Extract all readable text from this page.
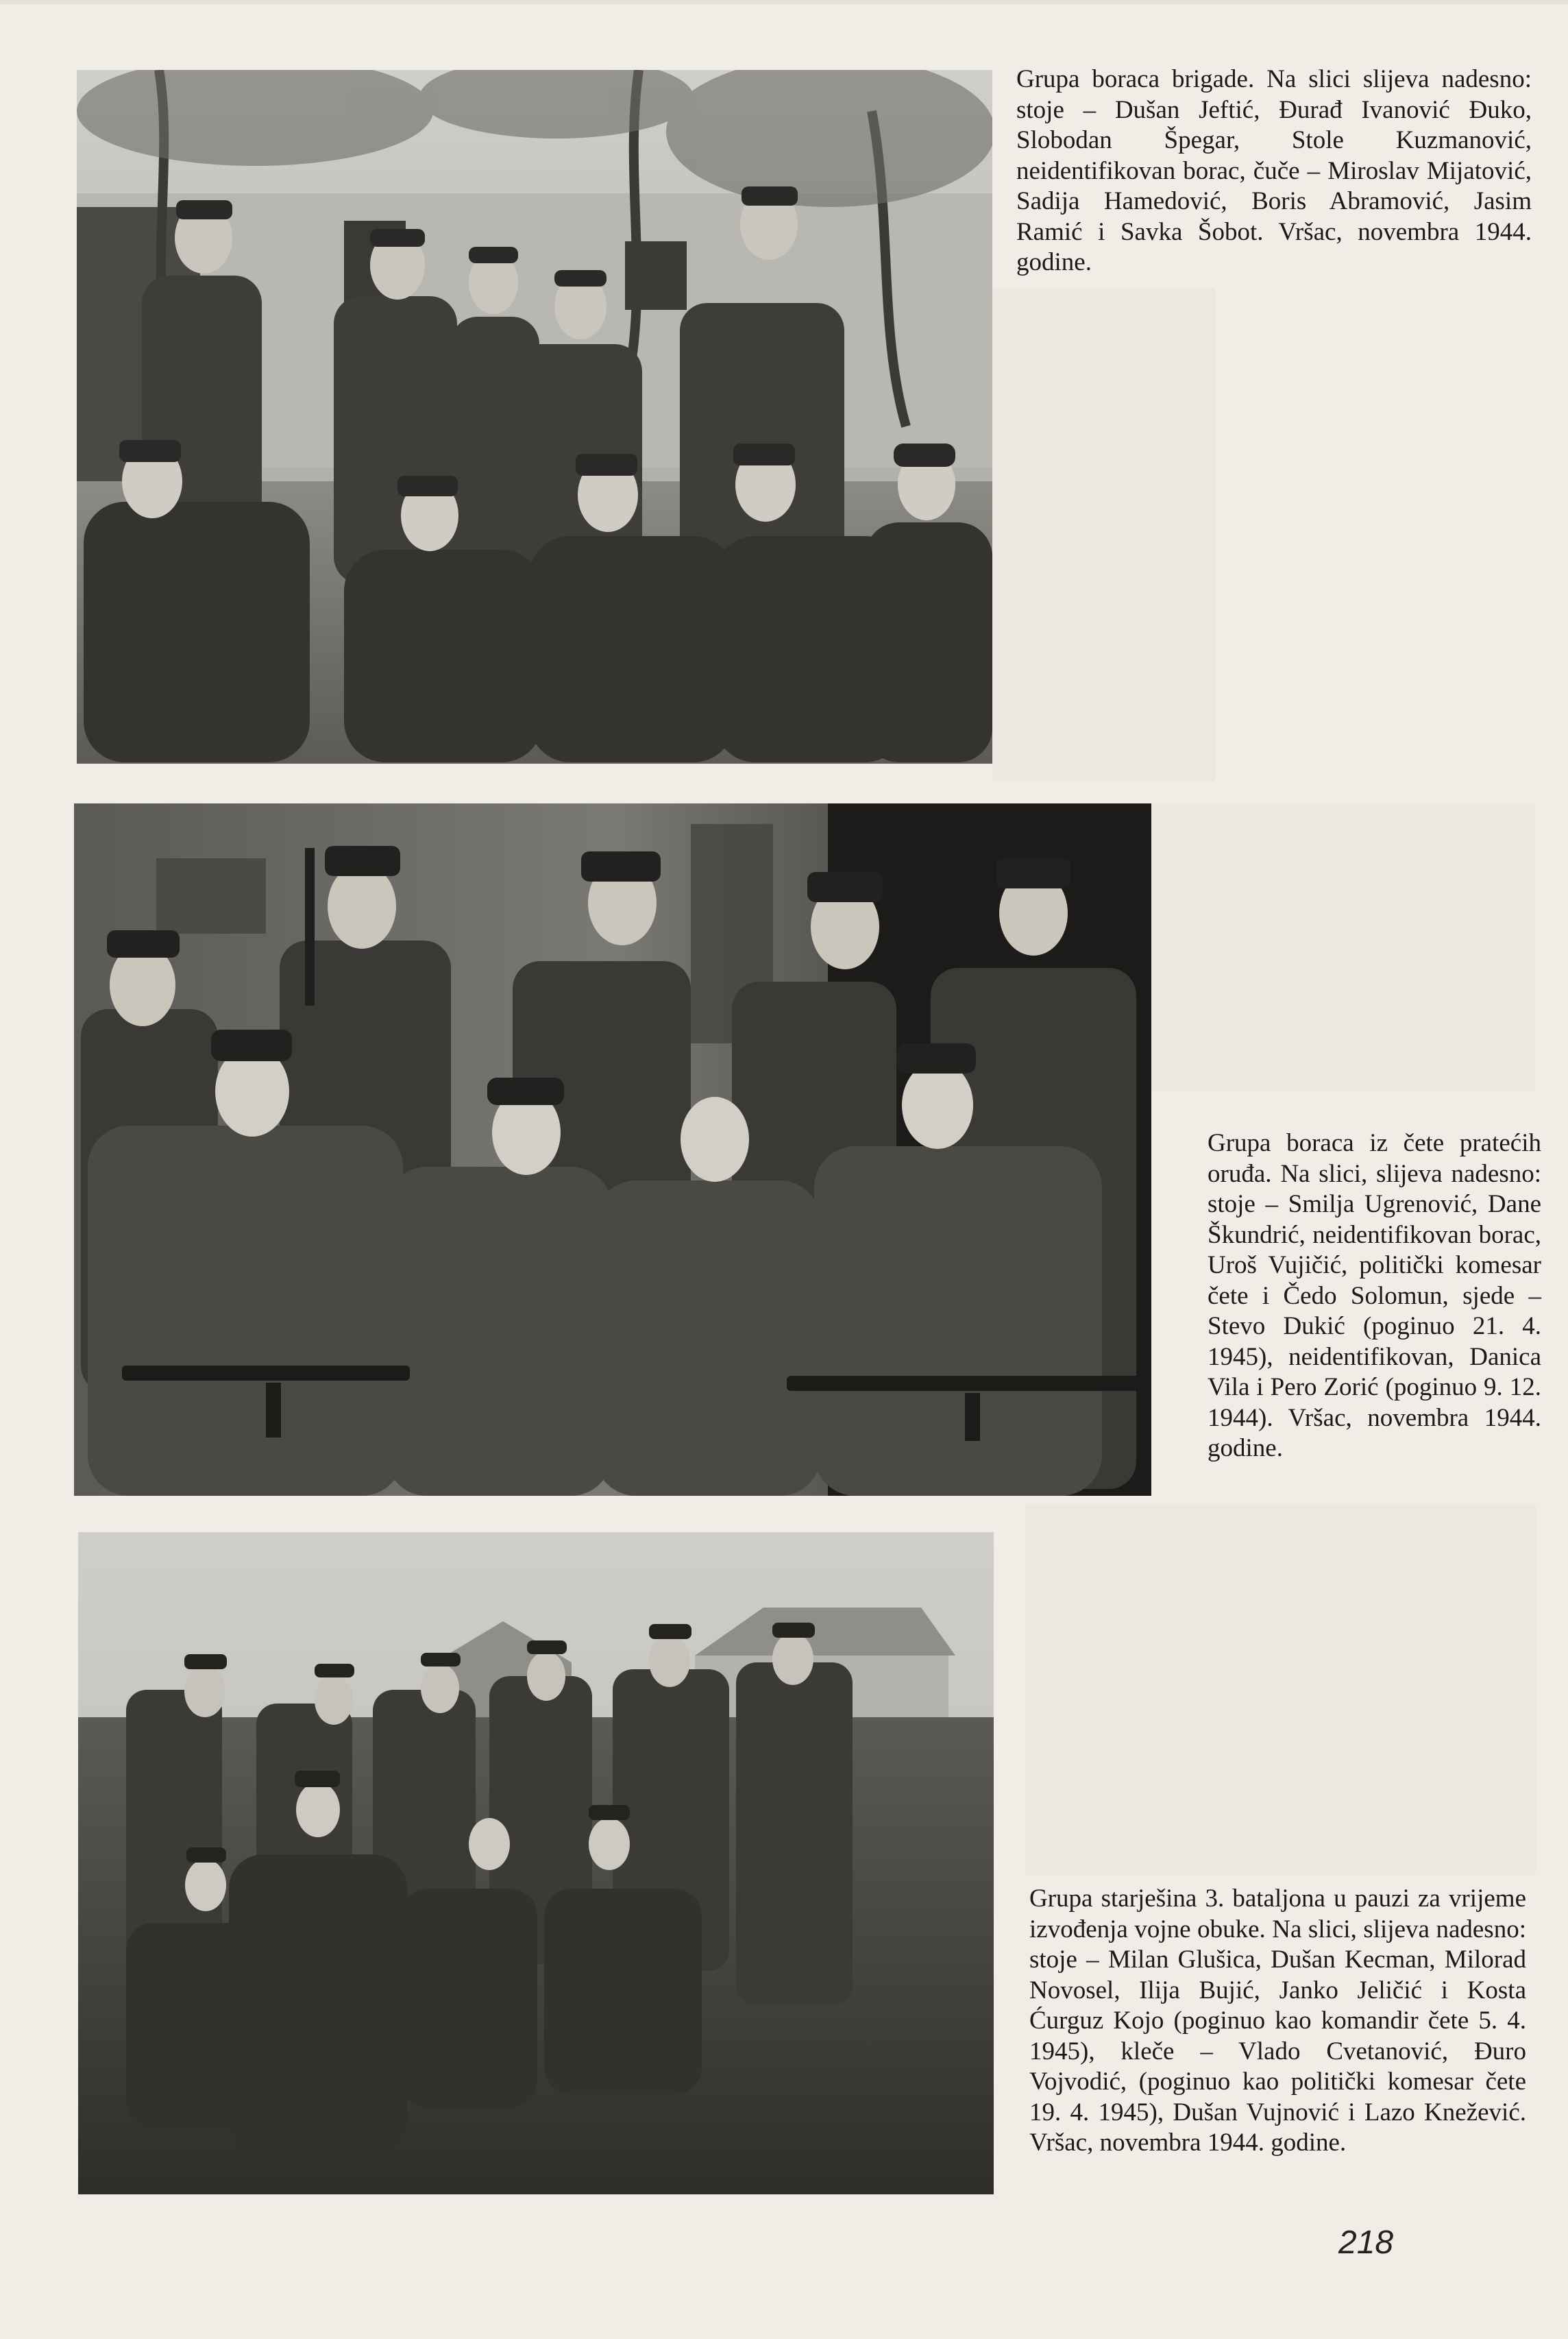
Grupa boraca brigade. Na slici slijeva nadesno: stoje – Dušan Jeftić, Đurađ Ivanović Đuko, Slobodan Špegar, Stole Kuzmanović, neidentifikovan borac, čuče – Miroslav Mijatović, Sadija Hamedović, Boris Abramović, Jasim Ramić i Savka Šobot. Vršac, novembra 1944. godine.

Grupa boraca iz čete pratećih oruđa. Na slici, slijeva nadesno: stoje – Smilja Ugrenović, Dane Škundrić, neidentifikovan borac, Uroš Vujičić, politički komesar čete i Čedo Solomun, sjede – Stevo Dukić (poginuo 21. 4. 1945), neidentifikovan, Danica Vila i Pero Zorić (poginuo 9. 12. 1944). Vršac, novembra 1944. godine.

Grupa starješina 3. bataljona u pauzi za vrijeme izvođenja vojne obuke. Na slici, slijeva nadesno: stoje – Milan Glušica, Dušan Kecman, Milorad Novosel, Ilija Bujić, Janko Jeličić i Kosta Ćurguz Kojo (poginuo kao komandir čete 5. 4. 1945), kleče – Vlado Cvetanović, Đuro Vojvodić, (poginuo kao politički komesar čete 19. 4. 1945), Dušan Vujnović i Lazo Knežević. Vršac, novembra 1944. godine.

218
